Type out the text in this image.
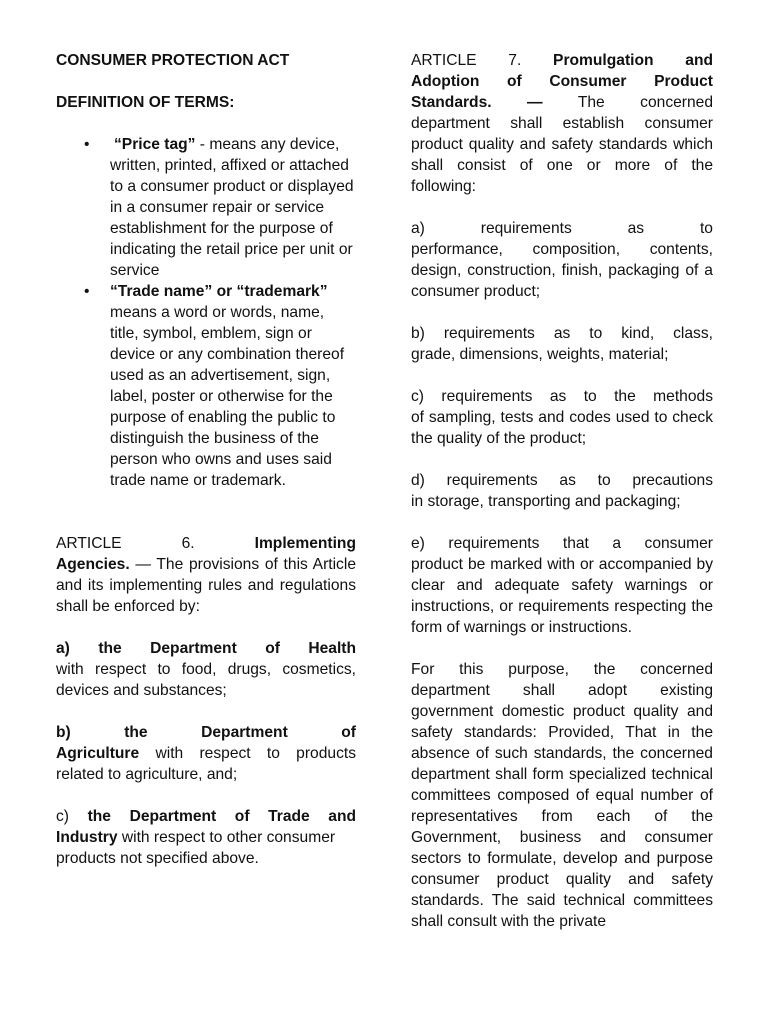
CONSUMER PROTECTION ACT

DEFINITION OF TERMS:

• “Price tag” - means any device, written, printed, affixed or attached to a consumer product or displayed in a consumer repair or service establishment for the purpose of indicating the retail price per unit or service
• “Trade name” or “trademark” means a word or words, name, title, symbol, emblem, sign or device or any combination thereof used as an advertisement, sign, label, poster or otherwise for the purpose of enabling the public to distinguish the business of the person who owns and uses said trade name or trademark.

ARTICLE 6.	Implementing

Agencies. — The provisions of this Article and its implementing rules and regulations shall be enforced by:

a) the Department of Health

with respect to food, drugs, cosmetics, devices and substances;

b)	the Department of

Agriculture with respect to products related to agriculture, and;

c) the Department of Trade and

Industry with respect to other consumer products not specified above.

ARTICLE 7. Promulgation and

Adoption of Consumer Product

Standards. — The concerned

department shall establish consumer product quality and safety standards which shall consist of one or more of the following:

a)	requirements as to

performance, composition, contents, design, construction, finish, packaging of a consumer product;

b) requirements as to kind, class,

grade, dimensions, weights, material;

c) requirements as to the methods

of sampling, tests and codes used to check the quality of the product;

d) requirements as to precautions

in storage, transporting and packaging;

e) requirements that a consumer

product be marked with or accompanied by clear and adequate safety warnings or instructions, or requirements respecting the form of warnings or instructions.

For this purpose, the concerned department shall adopt existing government domestic product quality and safety standards: Provided, That in the absence of such standards, the concerned department shall form specialized technical committees composed of equal number of representatives from each of the Government, business and consumer sectors to formulate, develop and purpose consumer product quality and safety standards. The said technical committees shall consult with the private
